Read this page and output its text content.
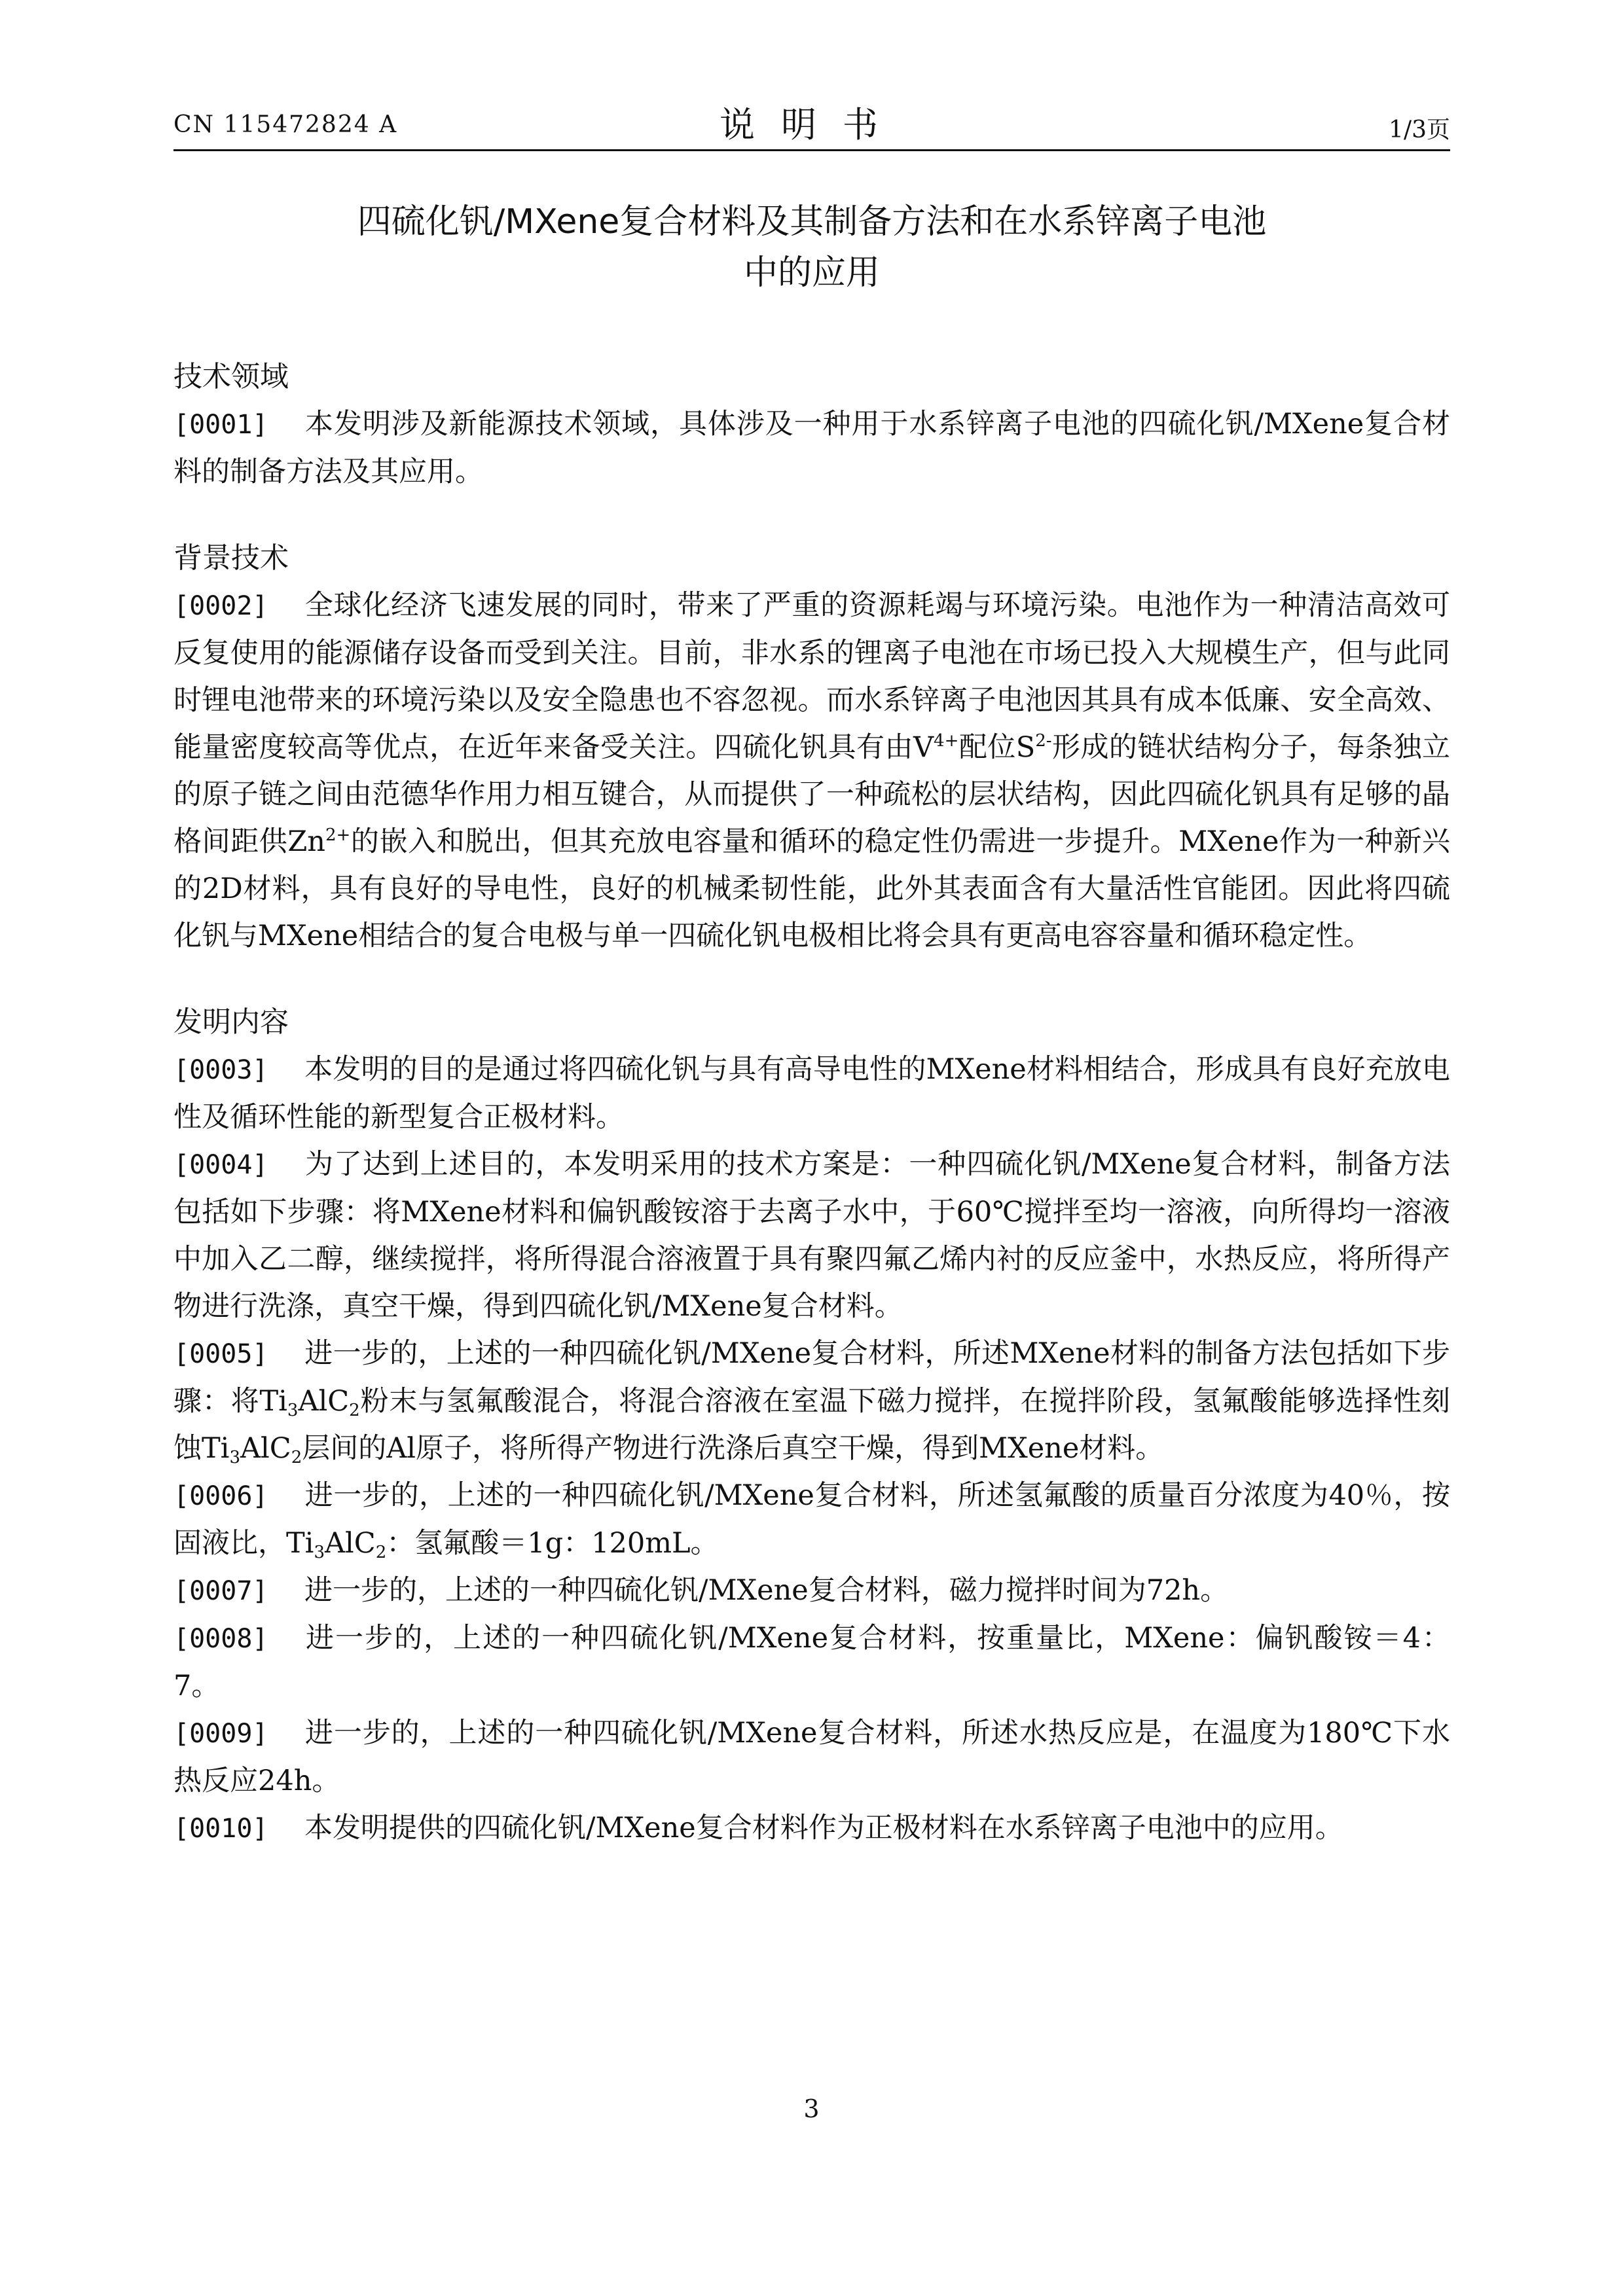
CN 115472824 A	说明书	1/3页
四硫化钒/MXene复合材料及其制备方法和在水系锌离子电池
中的应用
技术领域

[0001] 本发明涉及新能源技术领域，具体涉及一种用于水系锌离子电池的四硫化钒/MXene复合材料的制备方法及其应用。

背景技术

[0002] 全球化经济飞速发展的同时，带来了严重的资源耗竭与环境污染。电池作为一种清洁高效可反复使用的能源储存设备而受到关注。目前，非水系的锂离子电池在市场已投入大规模生产，但与此同时锂电池带来的环境污染以及安全隐患也不容忽视。而水系锌离子电池因其具有成本低廉、安全高效、能量密度较高等优点，在近年来备受关注。四硫化钒具有由$V^{4+}$配位$S^{2-}$形成的链状结构分子，每条独立的原子链之间由范德华作用力相互键合，从而提供了一种疏松的层状结构，因此四硫化钒具有足够的晶格间距供$Zn^{2+}$的嵌入和脱出，但其充放电容量和循环的稳定性仍需进一步提升。MXene作为一种新兴的2D材料，具有良好的导电性，良好的机械柔韧性能，此外其表面含有大量活性官能团。因此将四硫化钒与MXene相结合的复合电极与单一四硫化钒电极相比将会具有更高电容容量和循环稳定性。

发明内容

[0003] 本发明的目的是通过将四硫化钒与具有高导电性的MXene材料相结合，形成具有良好充放电性及循环性能的新型复合正极材料。

[0004] 为了达到上述目的，本发明采用的技术方案是：一种四硫化钒/MXene复合材料，制备方法包括如下步骤：将MXene材料和偏钒酸铵溶于去离子水中，于60℃搅拌至均一溶液，向所得均一溶液中加入乙二醇，继续搅拌，将所得混合溶液置于具有聚四氟乙烯内衬的反应釜中，水热反应，将所得产物进行洗涤，真空干燥，得到四硫化钒/MXene复合材料。

[0005] 进一步的，上述的一种四硫化钒/MXene复合材料，所述MXene材料的制备方法包括如下步骤：将$Ti_3AlC_2$粉末与氢氟酸混合，将混合溶液在室温下磁力搅拌，在搅拌阶段，氢氟酸能够选择性刻蚀$Ti_3AlC_2$层间的Al原子，将所得产物进行洗涤后真空干燥，得到MXene材料。

[0006] 进一步的，上述的一种四硫化钒/MXene复合材料，所述氢氟酸的质量百分浓度为40％，按固液比，$Ti_3AlC_2$：氢氟酸＝1g：120mL。

[0007] 进一步的，上述的一种四硫化钒/MXene复合材料，磁力搅拌时间为72h。

[0008] 进一步的，上述的一种四硫化钒/MXene复合材料，按重量比，MXene：偏钒酸铵＝4：7。

[0009] 进一步的，上述的一种四硫化钒/MXene复合材料，所述水热反应是，在温度为180℃下水热反应24h。

[0010] 本发明提供的四硫化钒/MXene复合材料作为正极材料在水系锌离子电池中的应用。

3
